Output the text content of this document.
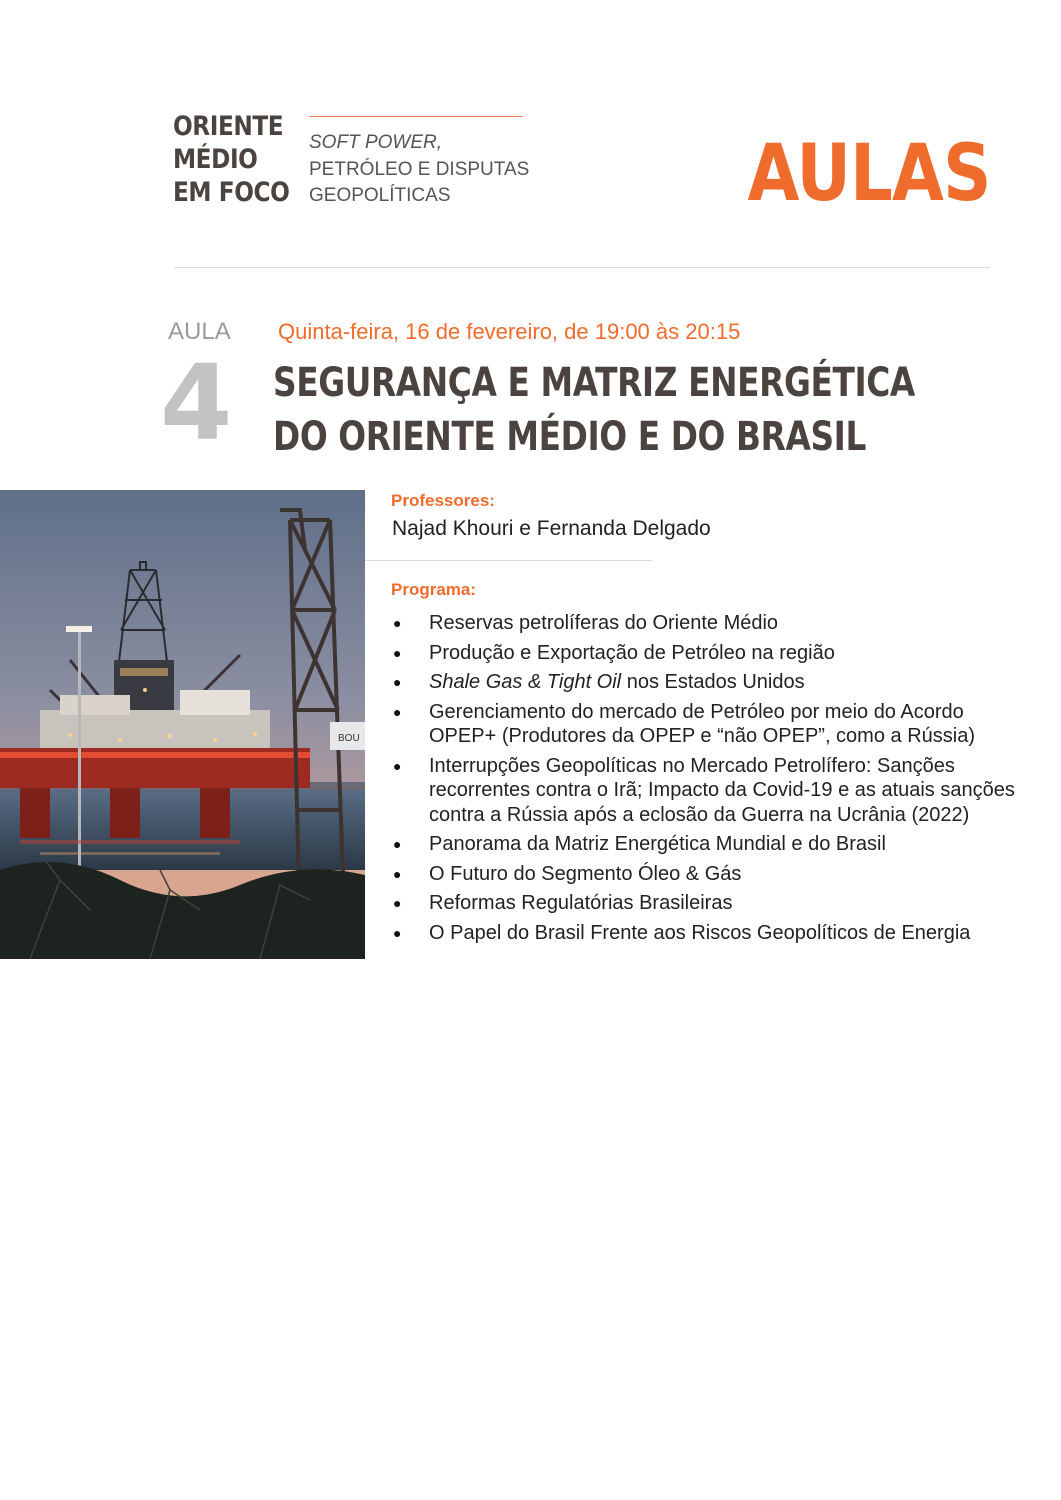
ORIENTE
MÉDIO
EM FOCO
SOFT POWER,
PETRÓLEO E DISPUTAS
GEOPOLÍTICAS	AULAS
AULA
4
Quinta-feira, 16 de fevereiro, de 19:00 às 20:15
SEGURANÇA E MATRIZ ENERGÉTICA
DO ORIENTE MÉDIO E DO BRASIL
BOU
Professores:
Najad Khouri e Fernanda Delgado
Programa:
● Reservas petrolíferas do Oriente Médio
● Produção e Exportação de Petróleo na região
● Shale Gas & Tight Oil nos Estados Unidos
● Gerenciamento do mercado de Petróleo por meio do Acordo OPEP+ (Produtores da OPEP e “não OPEP”, como a Rússia)
● Interrupções Geopolíticas no Mercado Petrolífero: Sanções recorrentes contra o Irã; Impacto da Covid-19 e as atuais sanções contra a Rússia após a eclosão da Guerra na Ucrânia (2022)
● Panorama da Matriz Energética Mundial e do Brasil
● O Futuro do Segmento Óleo & Gás
● Reformas Regulatórias Brasileiras
● O Papel do Brasil Frente aos Riscos Geopolíticos de Energia
